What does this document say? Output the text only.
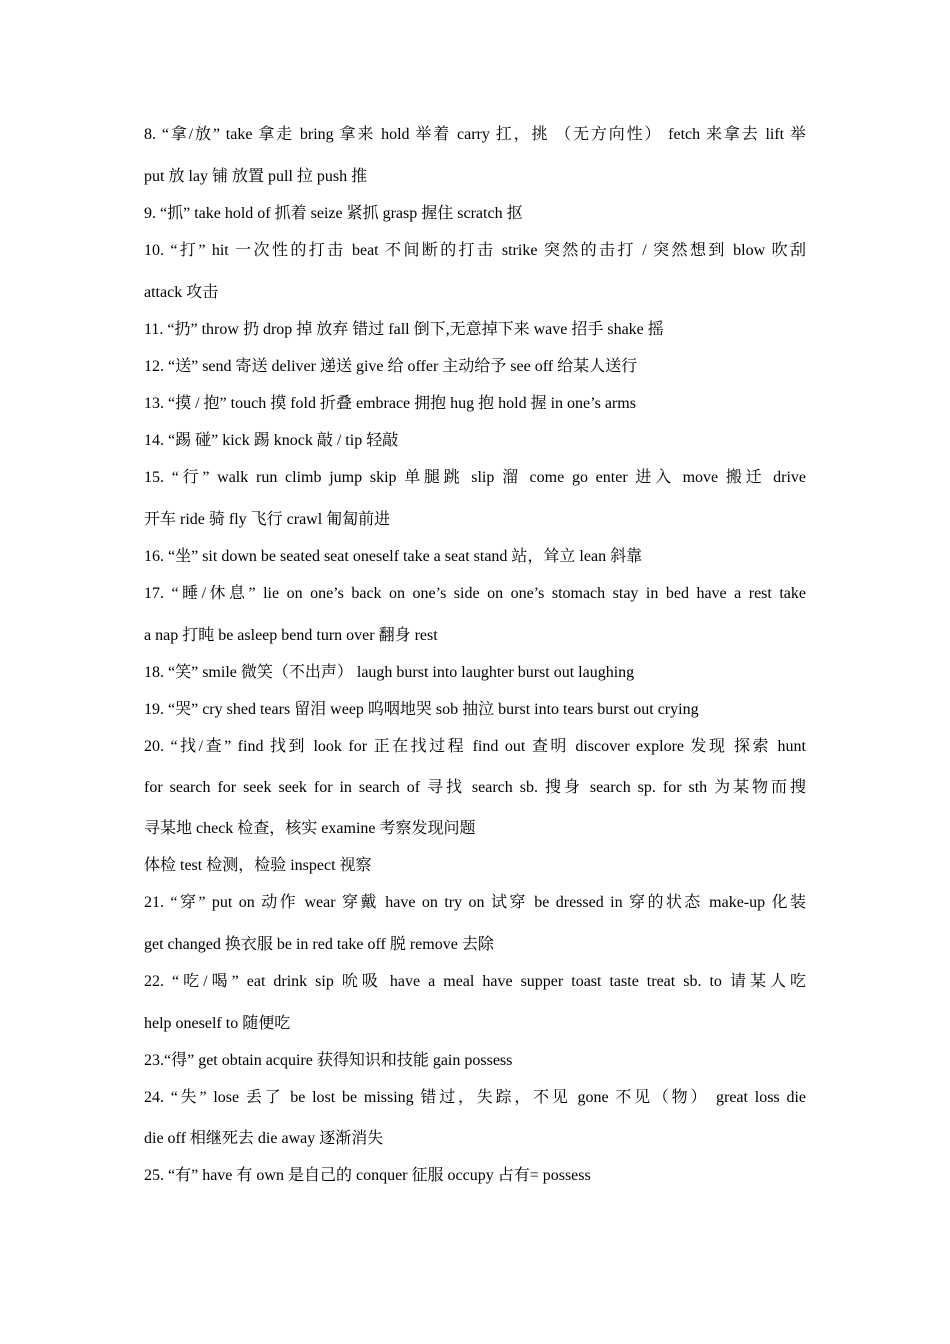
8. “拿/放” take 拿走 bring 拿来 hold 举着 carry 扛，挑 （无方向性） fetch 来拿去 lift 举
put 放 lay 铺 放置 pull 拉 push 推
9. “抓” take hold of 抓着 seize 紧抓 grasp 握住 scratch 抠
10. “打” hit 一次性的打击 beat 不间断的打击 strike 突然的击打 / 突然想到 blow 吹刮
attack 攻击
11. “扔” throw 扔 drop 掉 放弃 错过 fall 倒下,无意掉下来 wave 招手 shake 摇
12. “送” send 寄送 deliver 递送 give 给 offer 主动给予 see off 给某人送行
13. “摸 / 抱” touch 摸 fold 折叠 embrace 拥抱 hug 抱 hold 握 in one’s arms
14. “踢 碰” kick 踢 knock 敲 / tip 轻敲
15. “行” walk run climb jump skip 单腿跳 slip 溜 come go enter 进入 move 搬迁 drive
开车 ride 骑 fly 飞行 crawl 匍匐前进
16. “坐” sit down be seated seat oneself take a seat stand 站，耸立 lean 斜靠
17. “睡/休息” lie on one’s back on one’s side on one’s stomach stay in bed have a rest take
a nap 打盹 be asleep bend turn over 翻身 rest
18. “笑” smile 微笑（不出声） laugh burst into laughter burst out laughing
19. “哭” cry shed tears 留泪 weep 呜咽地哭 sob 抽泣 burst into tears burst out crying
20. “找/查” find 找到 look for 正在找过程 find out 查明 discover explore 发现 探索 hunt
for search for seek seek for in search of 寻找 search sb. 搜身 search sp. for sth 为某物而搜
寻某地 check 检查，核实 examine 考察发现问题
体检 test 检测，检验 inspect 视察
21. “穿” put on 动作 wear 穿戴 have on try on 试穿 be dressed in 穿的状态 make-up 化装
get changed 换衣服 be in red take off 脱 remove 去除
22. “吃/喝” eat drink sip 吮吸 have a meal have supper toast taste treat sb. to 请某人吃
help oneself to 随便吃
23.“得” get obtain acquire 获得知识和技能 gain possess
24. “失” lose 丢了 be lost be missing 错过，失踪，不见 gone 不见（物） great loss die
die off 相继死去 die away 逐渐消失
25. “有” have 有 own 是自己的 conquer 征服 occupy 占有= possess
